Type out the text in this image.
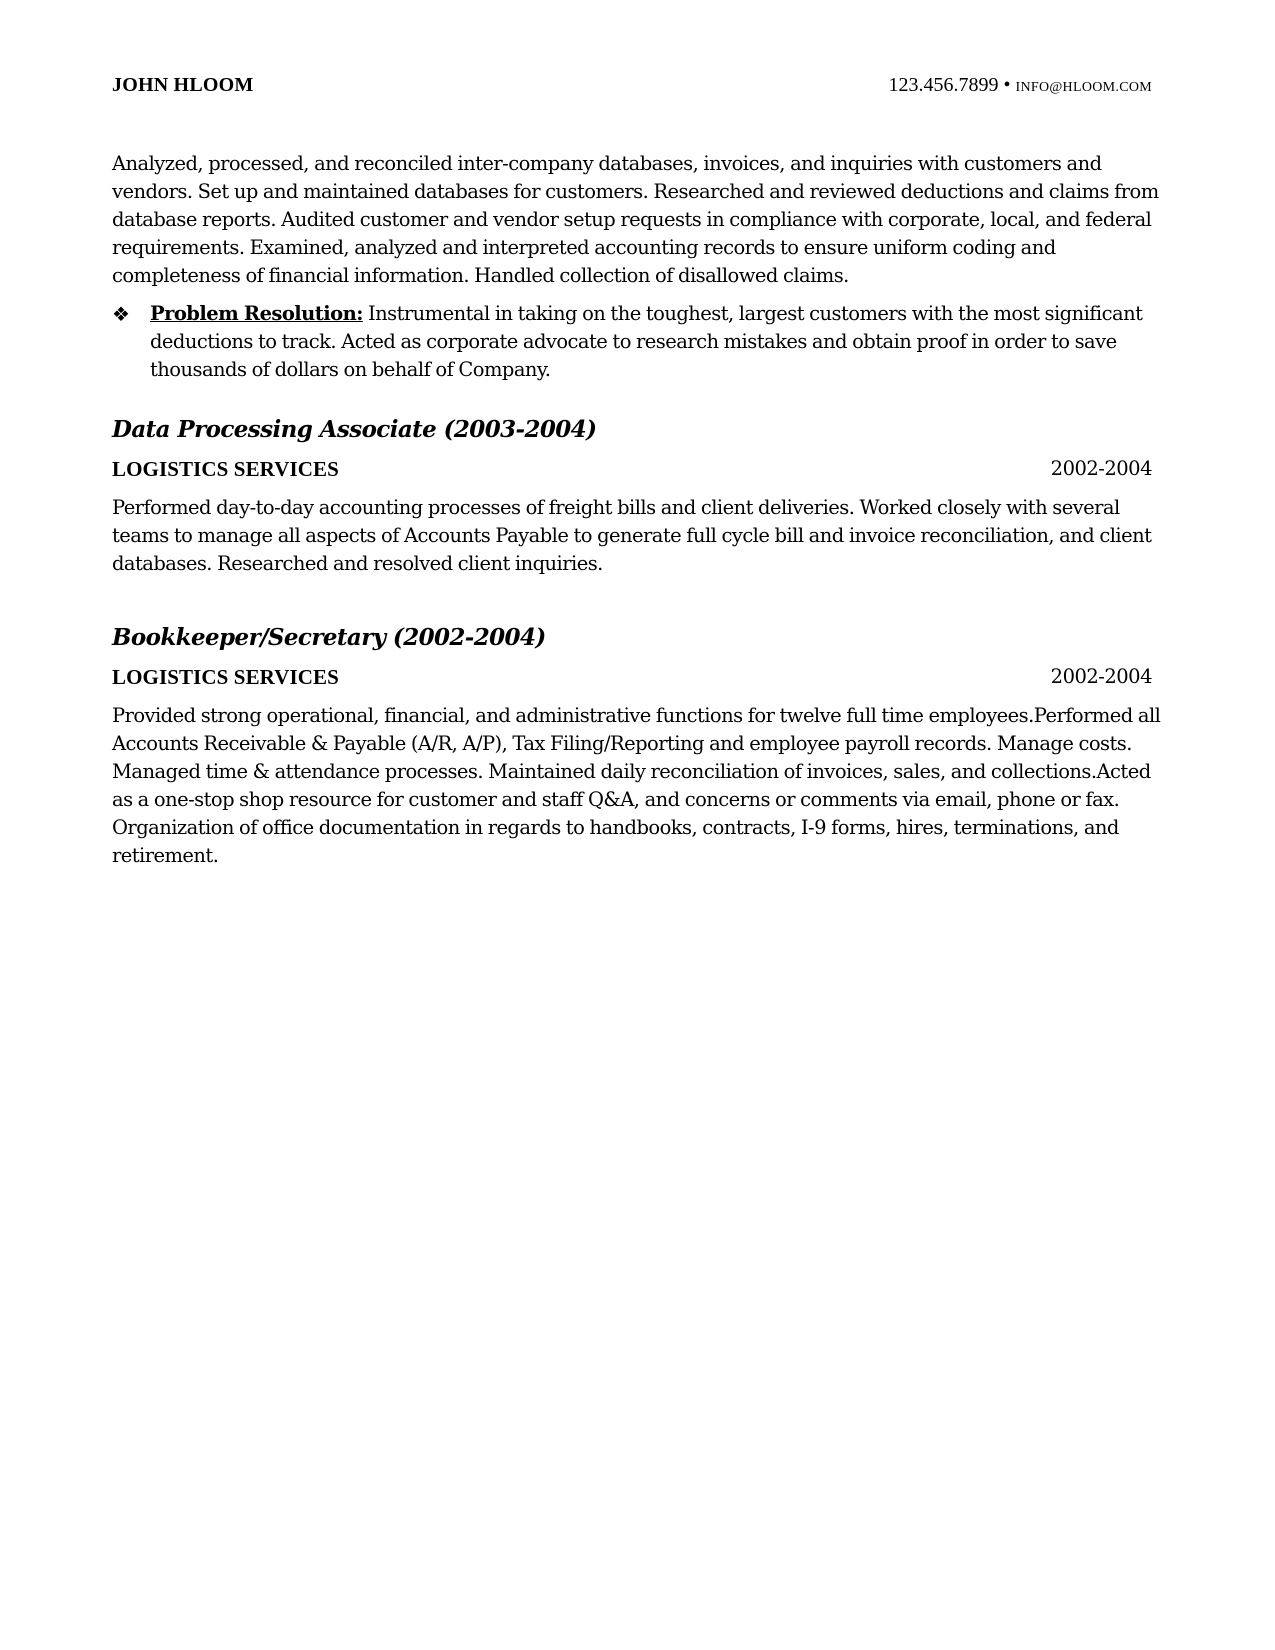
JOHN HLOOM	123.456.7899 • INFO@HLOOM.COM

Analyzed, processed, and reconciled inter-company databases, invoices, and inquiries with customers and vendors. Set up and maintained databases for customers. Researched and reviewed deductions and claims from database reports. Audited customer and vendor setup requests in compliance with corporate, local, and federal requirements. Examined, analyzed and interpreted accounting records to ensure uniform coding and completeness of financial information. Handled collection of disallowed claims.

❖ Problem Resolution: Instrumental in taking on the toughest, largest customers with the most significant deductions to track. Acted as corporate advocate to research mistakes and obtain proof in order to save thousands of dollars on behalf of Company.

Data Processing Associate (2003-2004)
LOGISTICS SERVICES	2002-2004

Performed day-to-day accounting processes of freight bills and client deliveries. Worked closely with several teams to manage all aspects of Accounts Payable to generate full cycle bill and invoice reconciliation, and client databases. Researched and resolved client inquiries.

Bookkeeper/Secretary (2002-2004)
LOGISTICS SERVICES	2002-2004

Provided strong operational, financial, and administrative functions for twelve full time employees.Performed all Accounts Receivable & Payable (A/R, A/P), Tax Filing/Reporting and employee payroll records. Manage costs. Managed time & attendance processes. Maintained daily reconciliation of invoices, sales, and collections.Acted as a one-stop shop resource for customer and staff Q&A, and concerns or comments via email, phone or fax. Organization of office documentation in regards to handbooks, contracts, I-9 forms, hires, terminations, and retirement.
